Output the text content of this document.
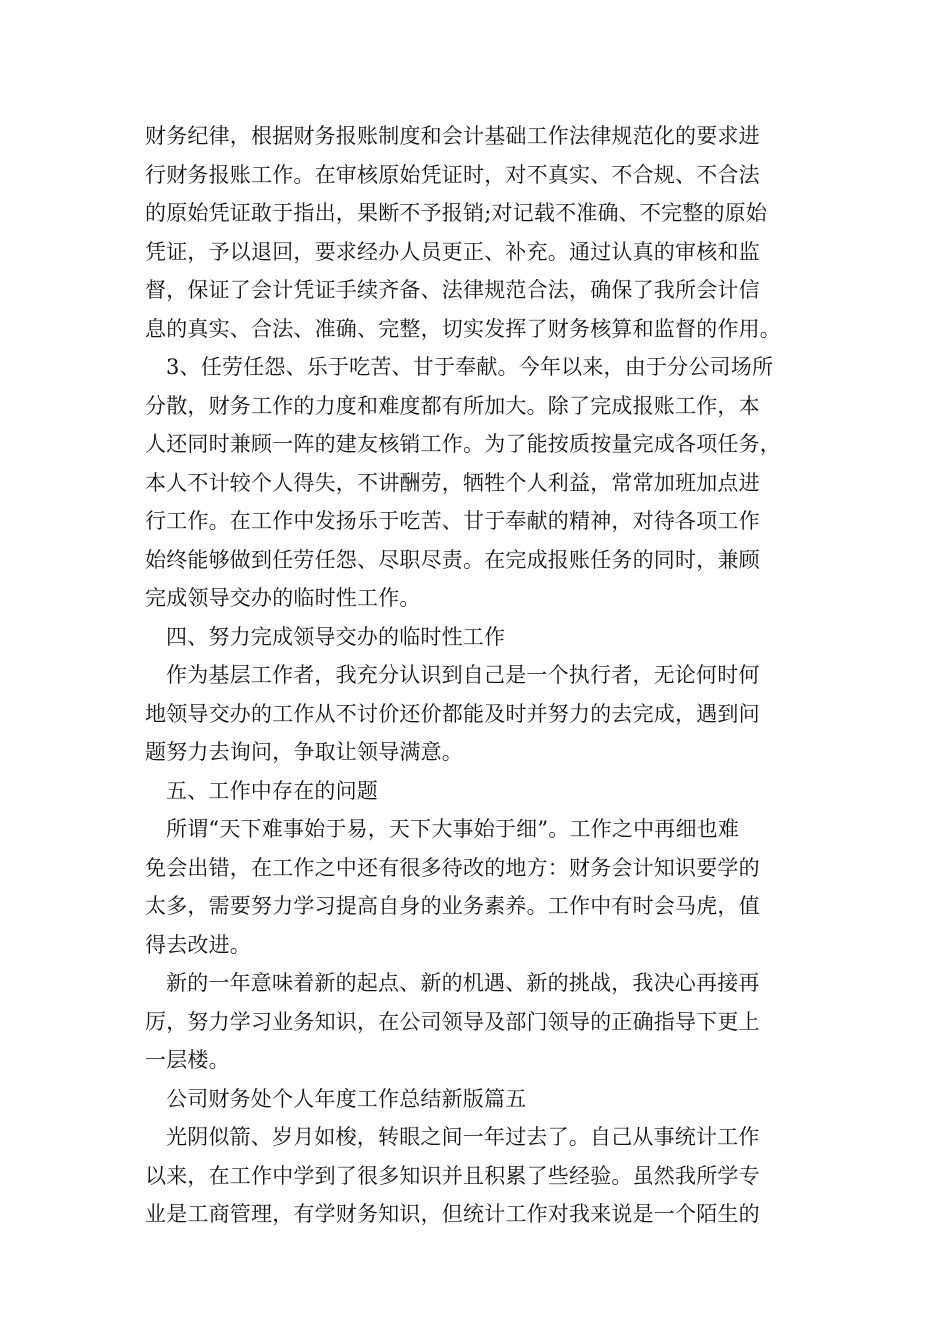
财务纪律，根据财务报账制度和会计基础工作法律规范化的要求进
行财务报账工作。在审核原始凭证时，对不真实、不合规、不合法
的原始凭证敢于指出，果断不予报销;对记载不准确、不完整的原始
凭证，予以退回，要求经办人员更正、补充。通过认真的审核和监
督，保证了会计凭证手续齐备、法律规范合法，确保了我所会计信
息的真实、合法、准确、完整，切实发挥了财务核算和监督的作用。
3、任劳任怨、乐于吃苦、甘于奉献。今年以来，由于分公司场所
分散，财务工作的力度和难度都有所加大。除了完成报账工作，本
人还同时兼顾一阵的建友核销工作。为了能按质按量完成各项任务，
本人不计较个人得失，不讲酬劳，牺牲个人利益，常常加班加点进
行工作。在工作中发扬乐于吃苦、甘于奉献的精神，对待各项工作
始终能够做到任劳任怨、尽职尽责。在完成报账任务的同时，兼顾
完成领导交办的临时性工作。
四、努力完成领导交办的临时性工作
作为基层工作者，我充分认识到自己是一个执行者，无论何时何
地领导交办的工作从不讨价还价都能及时并努力的去完成，遇到问
题努力去询问，争取让领导满意。
五、工作中存在的问题
所谓“天下难事始于易，天下大事始于细”。工作之中再细也难
免会出错，在工作之中还有很多待改的地方：财务会计知识要学的
太多，需要努力学习提高自身的业务素养。工作中有时会马虎，值
得去改进。
新的一年意味着新的起点、新的机遇、新的挑战，我决心再接再
厉，努力学习业务知识，在公司领导及部门领导的正确指导下更上
一层楼。
公司财务处个人年度工作总结新版篇五
光阴似箭、岁月如梭，转眼之间一年过去了。自己从事统计工作
以来，在工作中学到了很多知识并且积累了些经验。虽然我所学专
业是工商管理，有学财务知识，但统计工作对我来说是一个陌生的
